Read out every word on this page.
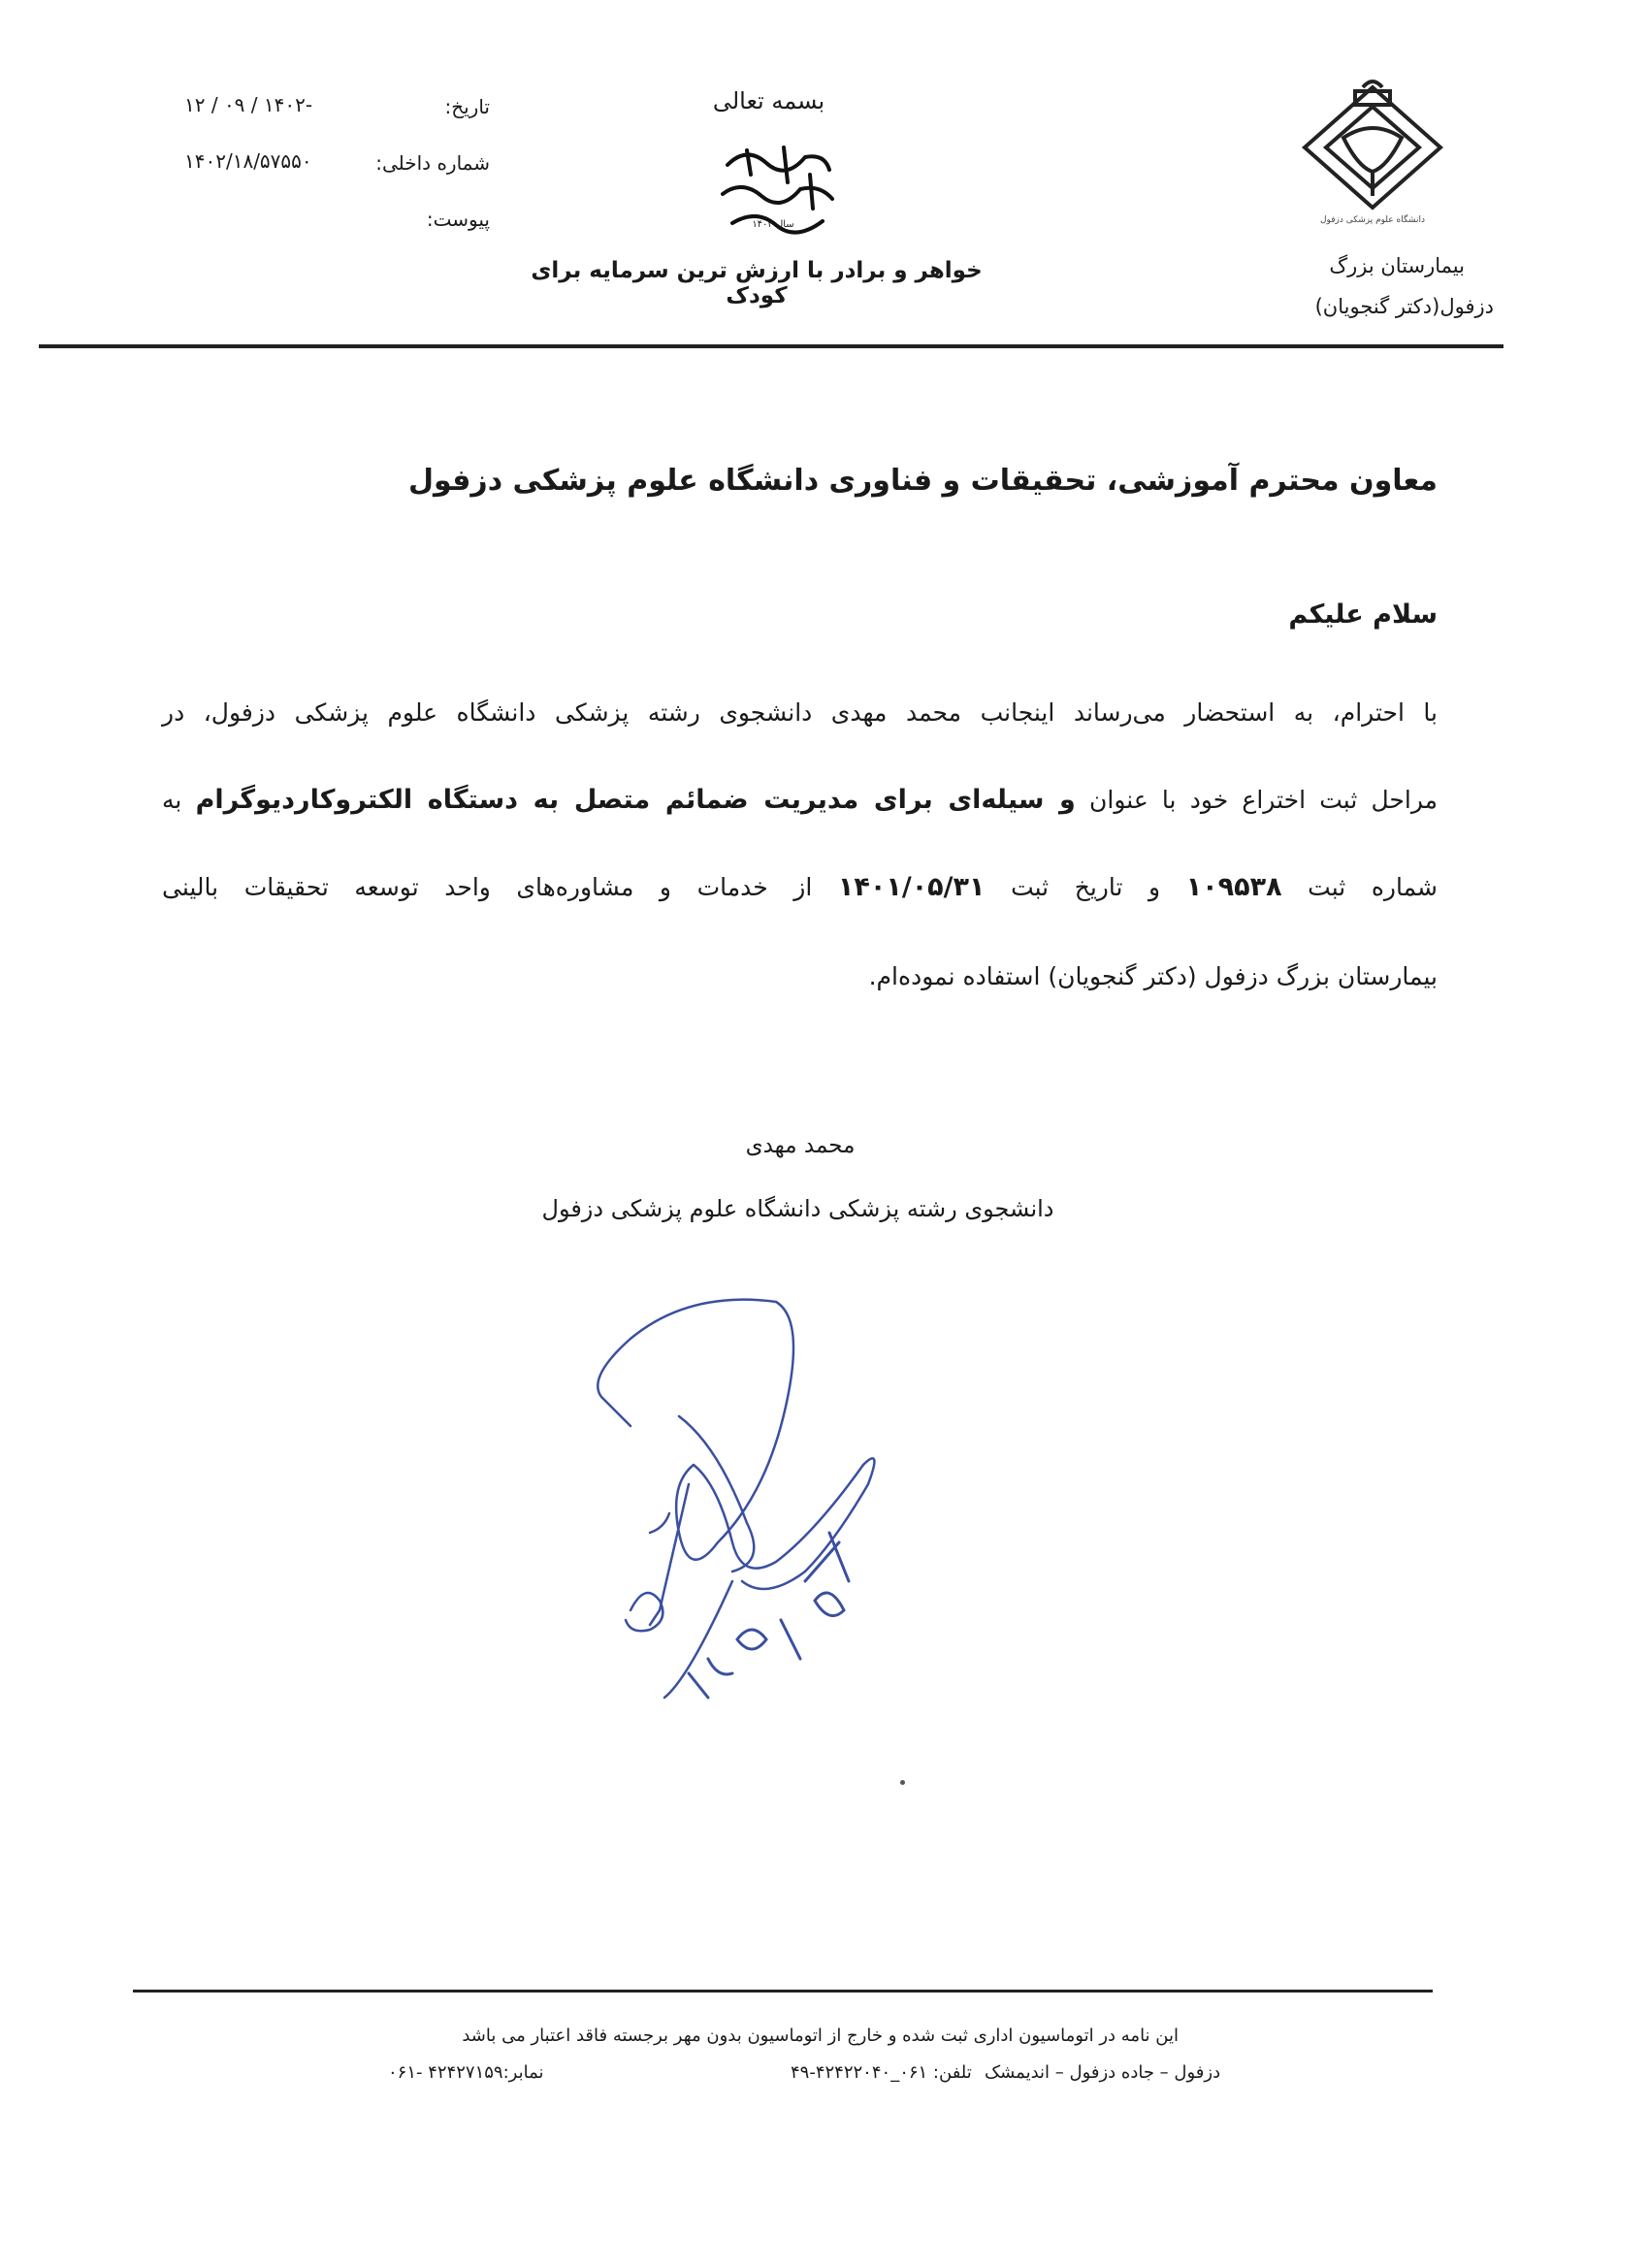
دانشگاه علوم پزشکی دزفول
بیمارستان بزرگ
دزفول(دکتر گنجویان)
بسمه تعالی
سال ۱۴۰۲
خواهر و برادر با ارزش ترین سرمایه برای کودک
تاریخ:
۱۲ / ۰۹ / ۱۴۰۲-
شماره داخلی:
۱۴۰۲/۱۸/۵۷۵۵۰
پیوست:
معاون محترم آموزشی، تحقیقات و فناوری دانشگاه علوم پزشکی دزفول
سلام علیکم
با احترام، به استحضار می‌رساند اینجانب محمد مهدی دانشجوی رشته پزشکی دانشگاه علوم پزشکی دزفول، در
مراحل ثبت اختراع خود با عنوان و سیله‌ای برای مدیریت ضمائم متصل به دستگاه الکتروکاردیوگرام به
شماره ثبت ۱۰۹۵۳۸ و تاریخ ثبت ۱۴۰۱/۰۵/۳۱ از خدمات و مشاوره‌های واحد توسعه تحقیقات بالینی
بیمارستان بزرگ دزفول (دکتر گنجویان) استفاده نموده‌ام.
محمد مهدی
دانشجوی رشته پزشکی دانشگاه علوم پزشکی دزفول
این نامه در اتوماسیون اداری ثبت شده و خارج از اتوماسیون بدون مهر برجسته فاقد اعتبار می باشد
نمابر:۴۲۴۲۷۱۵۹ -۰۶۱	تلفن: ۰۶۱_۴۲۴۲۲۰۴۰-۴۹ دزفول – جاده دزفول – اندیمشک
